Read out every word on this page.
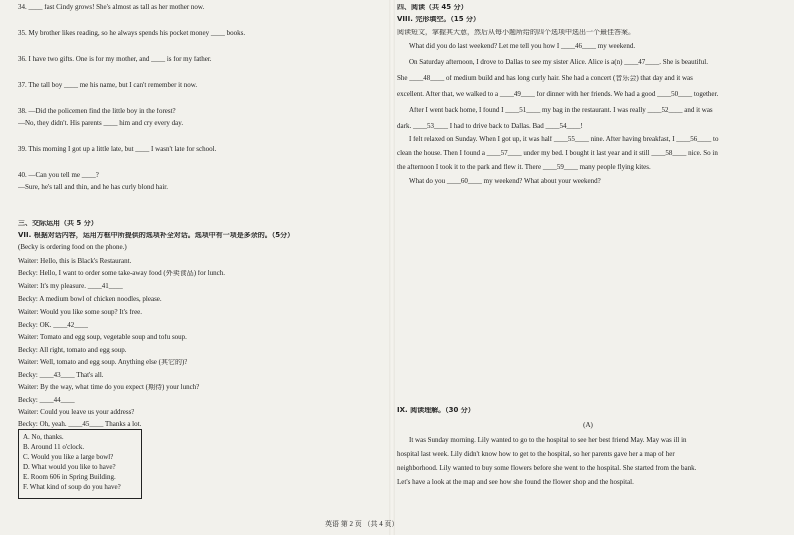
34. ____ fast Cindy grows! She's almost as tall as her mother now.
35. My brother likes reading, so he always spends his pocket money ____ books.
36. I have two gifts. One is for my mother, and ____ is for my father.
37. The tall boy ____ me his name, but I can't remember it now.
38. —Did the policemen find the little boy in the forest?
—No, they didn't. His parents ____ him and cry every day.
39. This morning I got up a little late, but ____ I wasn't late for school.
40. —Can you tell me ____?
—Sure, he's tall and thin, and he has curly blond hair.
三、交际运用（共 5 分）
VII. 根据对话内容，运用方框中所提供的选项补全对话。选项中有一项是多余的。（5分）
(Becky is ordering food on the phone.)
Waiter: Hello, this is Black's Restaurant.
Becky: Hello, I want to order some take-away food (外卖食品) for lunch.
Waiter: It's my pleasure. ____41____
Becky: A medium bowl of chicken noodles, please.
Waiter: Would you like some soup? It's free.
Becky: OK. ____42____
Waiter: Tomato and egg soup, vegetable soup and tofu soup.
Becky: All right, tomato and egg soup.
Waiter: Well, tomato and egg soup. Anything else (其它的)?
Becky: ____43____ That's all.
Waiter: By the way, what time do you expect (期待) your lunch?
Becky: ____44____
Waiter: Could you leave us your address?
Becky: Oh, yeah. ____45____ Thanks a lot.
A. No, thanks.
B. Around 11 o'clock.
C. Would you like a large bowl?
D. What would you like to have?
E. Room 606 in Spring Building.
F. What kind of soup do you have?
四、阅读（共 45 分）
VIII. 完形填空。（15 分）
阅读短文，掌握其大意，然后从每小题所给的四个选项中选出一个最佳答案。
What did you do last weekend? Let me tell you how I ____46____ my weekend.
On Saturday afternoon, I drove to Dallas to see my sister Alice. Alice is a(n) ____47____. She is beautiful.
She ____48____ of medium build and has long curly hair. She had a concert (音乐会) that day and it was
excellent. After that, we walked to a ____49____ for dinner with her friends. We had a good ____50____ together.
After I went back home, I found I ____51____ my bag in the restaurant. I was really ____52____ and it was
dark. ____53____ I had to drive back to Dallas. Bad ____54____!
I felt relaxed on Sunday. When I got up, it was half ____55____ nine. After having breakfast, I ____56____ to
clean the house. Then I found a ____57____ under my bed. I bought it last year and it still ____58____ nice. So in
the afternoon I took it to the park and flew it. There ____59____ many people flying kites.
What do you ____60____ my weekend? What about your weekend?
IX. 阅读理解。（30 分）
(A)
It was Sunday morning. Lily wanted to go to the hospital to see her best friend May. May was ill in
hospital last week. Lily didn't know how to get to the hospital, so her parents gave her a map of her
neighborhood. Lily wanted to buy some flowers before she went to the hospital. She started from the bank.
Let's have a look at the map and see how she found the flower shop and the hospital.
英语 第 2 页 （共 4 页）
